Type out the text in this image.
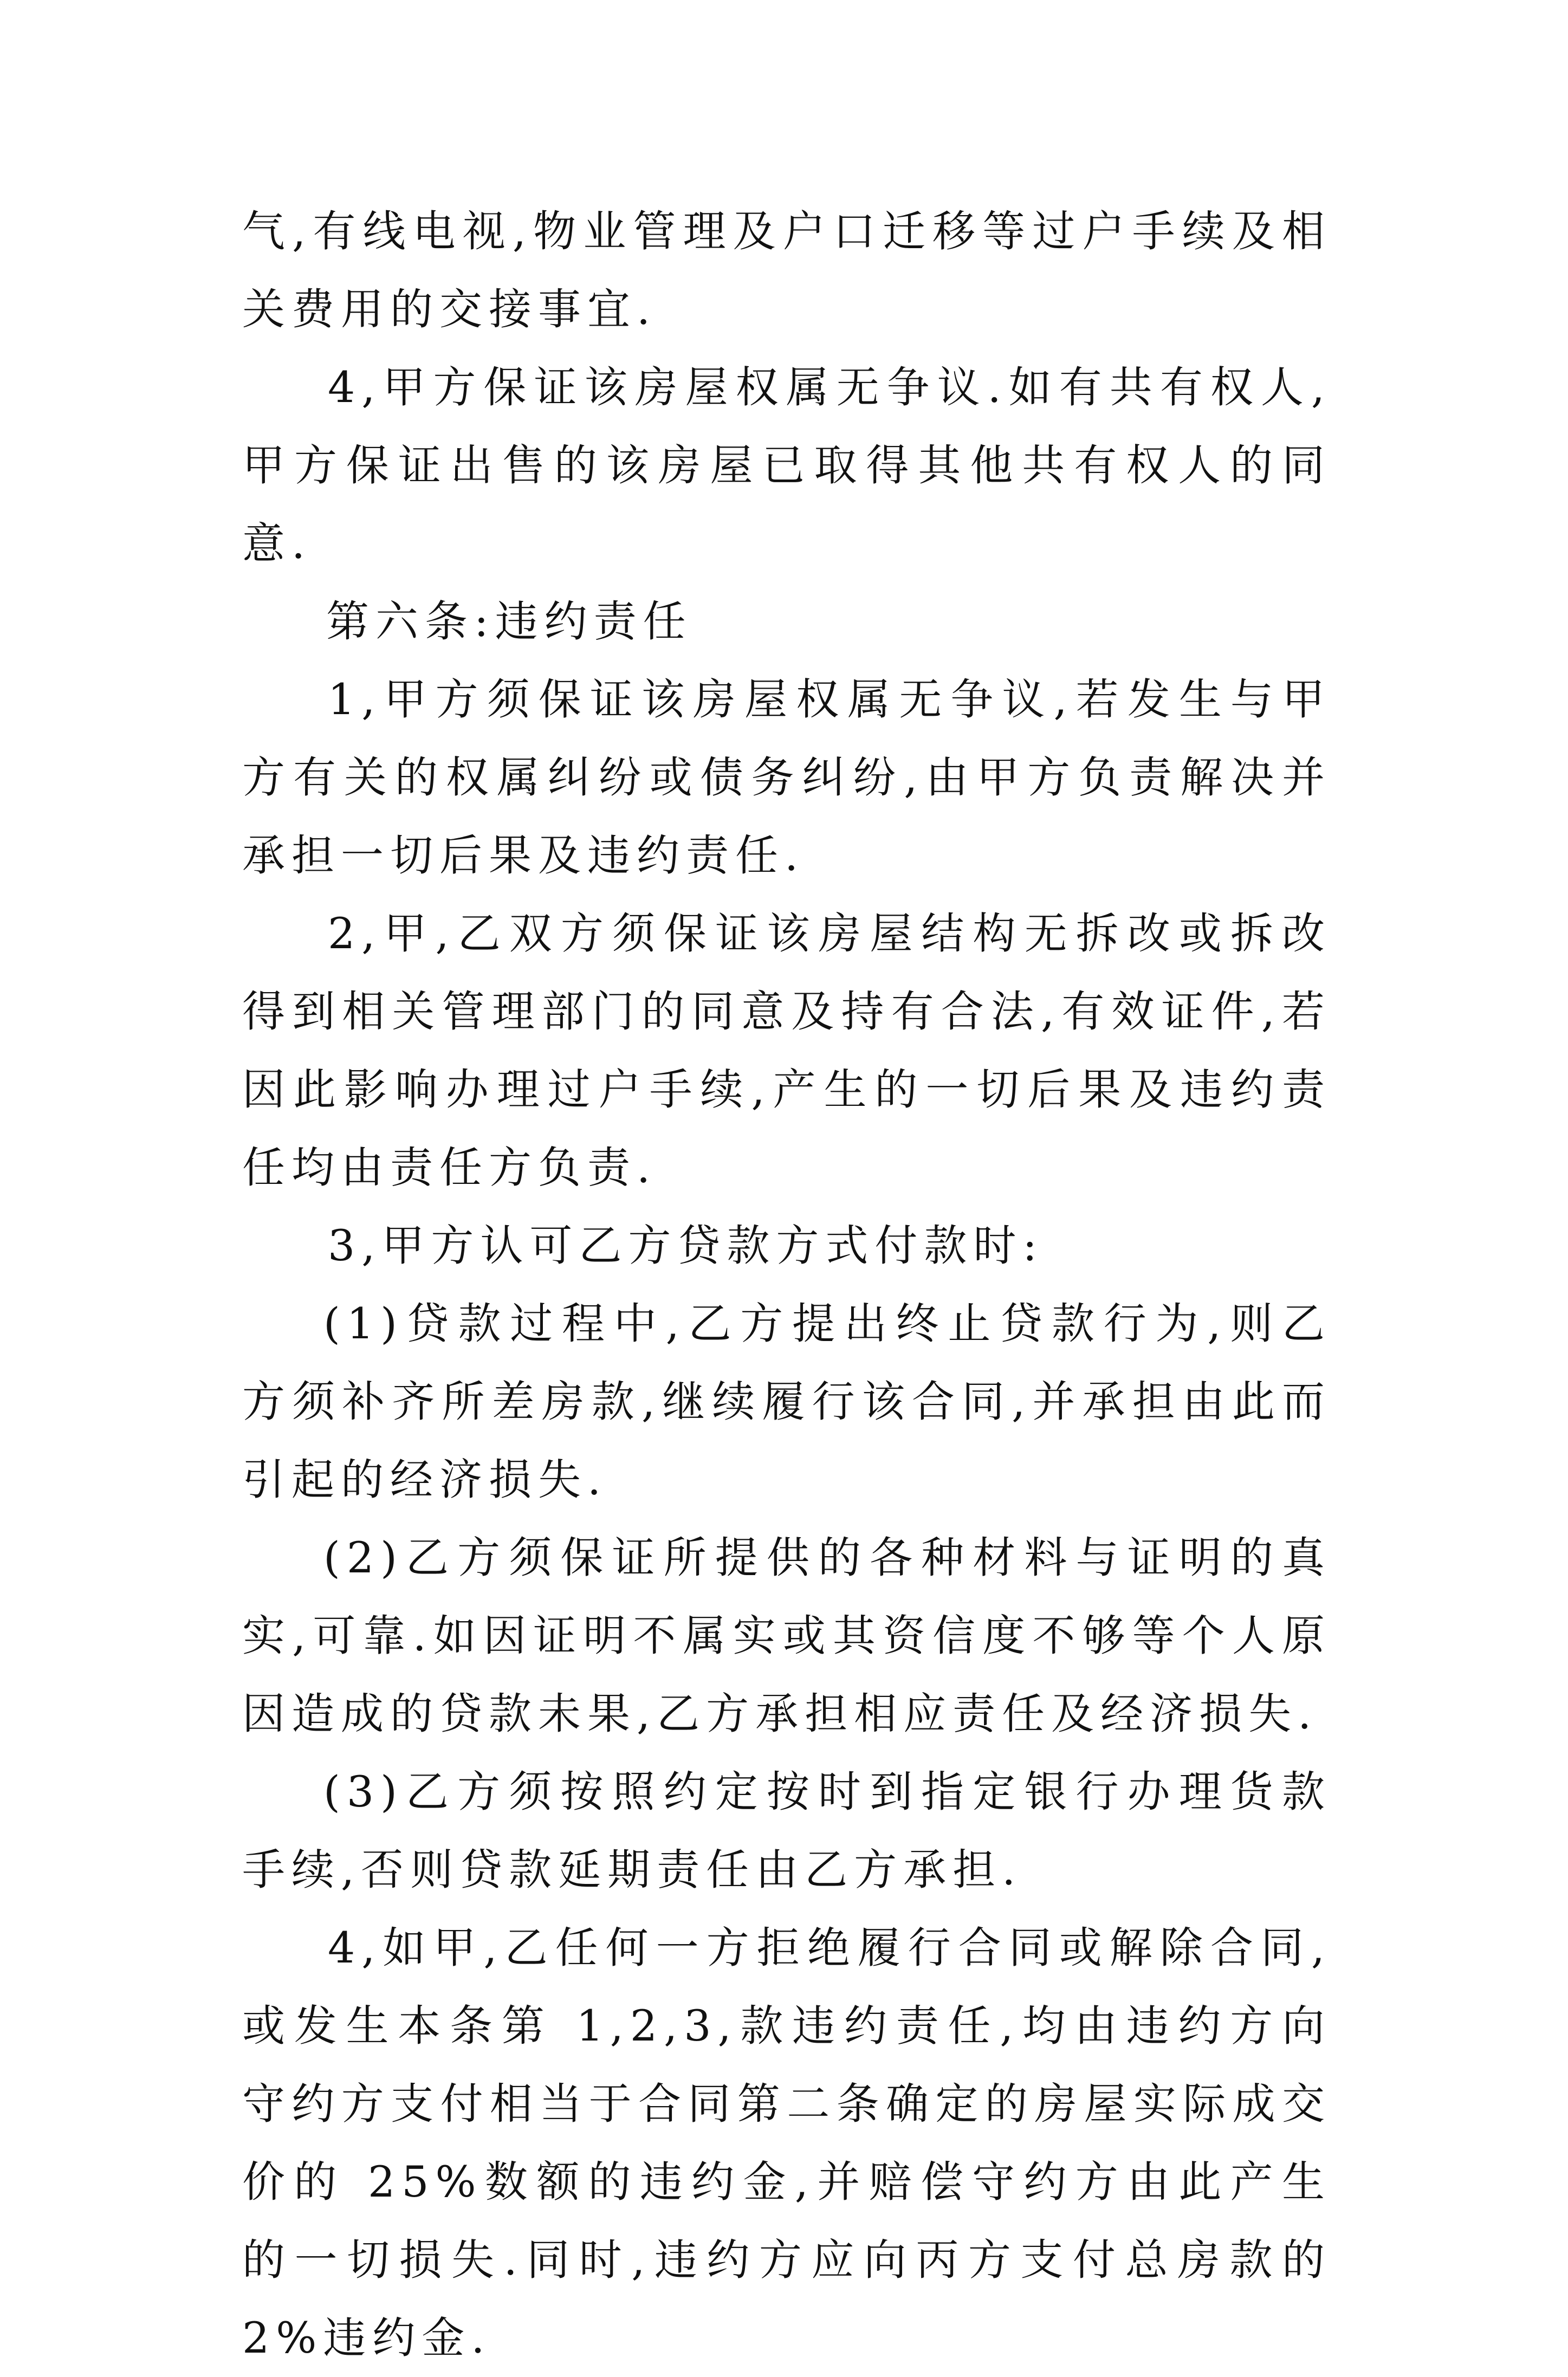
气,有线电视,物业管理及户口迁移等过户手续及相关费用的交接事宜.

4,甲方保证该房屋权属无争议.如有共有权人,甲方保证出售的该房屋已取得其他共有权人的同意.

第六条:违约责任

1,甲方须保证该房屋权属无争议,若发生与甲方有关的权属纠纷或债务纠纷,由甲方负责解决并承担一切后果及违约责任.

2,甲,乙双方须保证该房屋结构无拆改或拆改得到相关管理部门的同意及持有合法,有效证件,若因此影响办理过户手续,产生的一切后果及违约责任均由责任方负责.

3,甲方认可乙方贷款方式付款时:

(1)贷款过程中,乙方提出终止贷款行为,则乙方须补齐所差房款,继续履行该合同,并承担由此而引起的经济损失.

(2)乙方须保证所提供的各种材料与证明的真实,可靠.如因证明不属实或其资信度不够等个人原因造成的贷款未果,乙方承担相应责任及经济损失.

(3)乙方须按照约定按时到指定银行办理货款手续,否则贷款延期责任由乙方承担.

4,如甲,乙任何一方拒绝履行合同或解除合同,或发生本条第 1,2,3,款违约责任,均由违约方向守约方支付相当于合同第二条确定的房屋实际成交价的 25%数额的违约金,并赔偿守约方由此产生的一切损失.同时,违约方应向丙方支付总房款的 2%违约金.
